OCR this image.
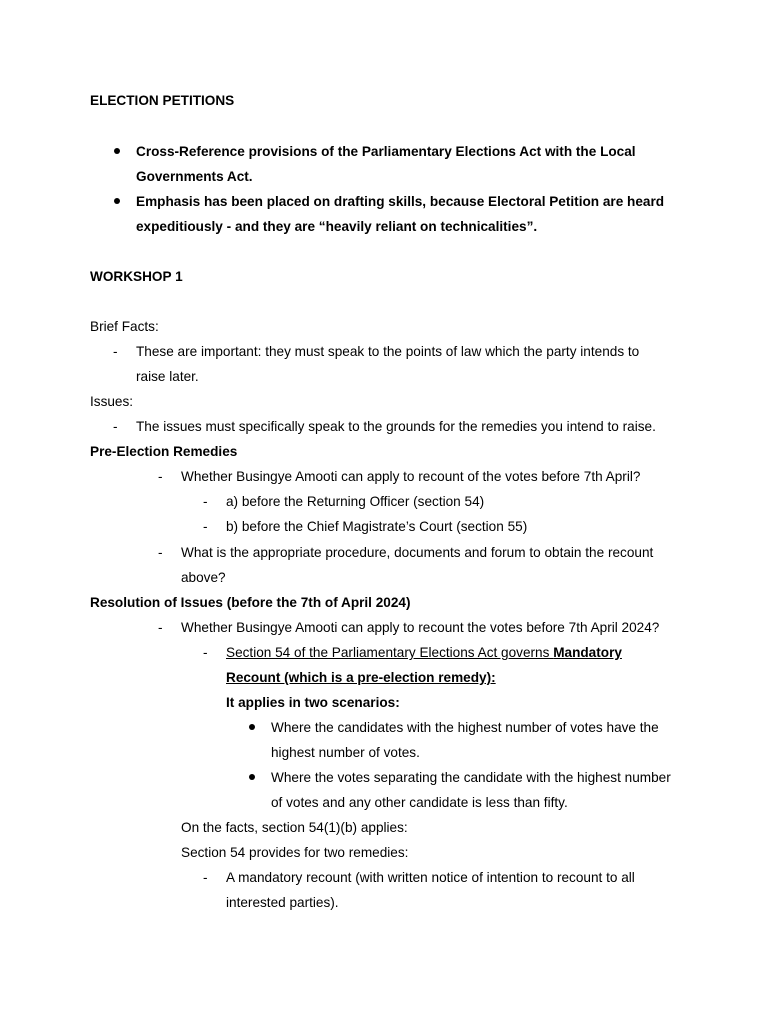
ELECTION PETITIONS
Cross-Reference provisions of the Parliamentary Elections Act with the Local
Governments Act.
Emphasis has been placed on drafting skills, because Electoral Petition are heard
expeditiously - and they are “heavily reliant on technicalities”.
WORKSHOP 1
Brief Facts:
- These are important: they must speak to the points of law which the party intends to
raise later.
Issues:
- The issues must specifically speak to the grounds for the remedies you intend to raise.
Pre-Election Remedies
- Whether Busingye Amooti can apply to recount of the votes before 7th April?
- a) before the Returning Officer (section 54)
- b) before the Chief Magistrate’s Court (section 55)
- What is the appropriate procedure, documents and forum to obtain the recount
above?
Resolution of Issues (before the 7th of April 2024)
- Whether Busingye Amooti can apply to recount the votes before 7th April 2024?
- Section 54 of the Parliamentary Elections Act governs Mandatory
Recount (which is a pre-election remedy):
It applies in two scenarios:
Where the candidates with the highest number of votes have the
highest number of votes.
Where the votes separating the candidate with the highest number
of votes and any other candidate is less than fifty.
On the facts, section 54(1)(b) applies:
Section 54 provides for two remedies:
- A mandatory recount (with written notice of intention to recount to all
interested parties).
